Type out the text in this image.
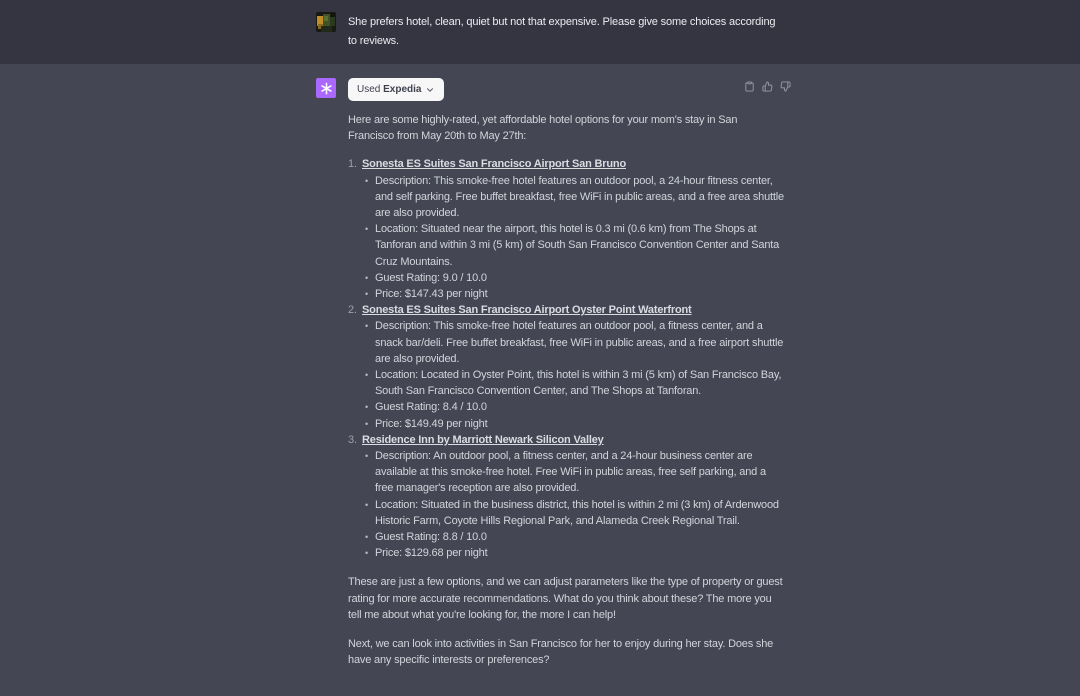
She prefers hotel, clean, quiet but not that expensive. Please give some choices according to reviews.
Used Expedia

Here are some highly-rated, yet affordable hotel options for your mom's stay in San Francisco from May 20th to May 27th:

Sonesta ES Suites San Francisco Airport San Bruno
• Description: This smoke-free hotel features an outdoor pool, a 24-hour fitness center, and self parking. Free buffet breakfast, free WiFi in public areas, and a free area shuttle are also provided.
• Location: Situated near the airport, this hotel is 0.3 mi (0.6 km) from The Shops at Tanforan and within 3 mi (5 km) of South San Francisco Convention Center and Santa Cruz Mountains.
• Guest Rating: 9.0 / 10.0
• Price: $147.43 per night
Sonesta ES Suites San Francisco Airport Oyster Point Waterfront
• Description: This smoke-free hotel features an outdoor pool, a fitness center, and a snack bar/deli. Free buffet breakfast, free WiFi in public areas, and a free airport shuttle are also provided.
• Location: Located in Oyster Point, this hotel is within 3 mi (5 km) of San Francisco Bay, South San Francisco Convention Center, and The Shops at Tanforan.
• Guest Rating: 8.4 / 10.0
• Price: $149.49 per night
Residence Inn by Marriott Newark Silicon Valley
• Description: An outdoor pool, a fitness center, and a 24-hour business center are available at this smoke-free hotel. Free WiFi in public areas, free self parking, and a free manager's reception are also provided.
• Location: Situated in the business district, this hotel is within 2 mi (3 km) of Ardenwood Historic Farm, Coyote Hills Regional Park, and Alameda Creek Regional Trail.
• Guest Rating: 8.8 / 10.0
• Price: $129.68 per night

These are just a few options, and we can adjust parameters like the type of property or guest rating for more accurate recommendations. What do you think about these? The more you tell me about what you're looking for, the more I can help!

Next, we can look into activities in San Francisco for her to enjoy during her stay. Does she have any specific interests or preferences?
